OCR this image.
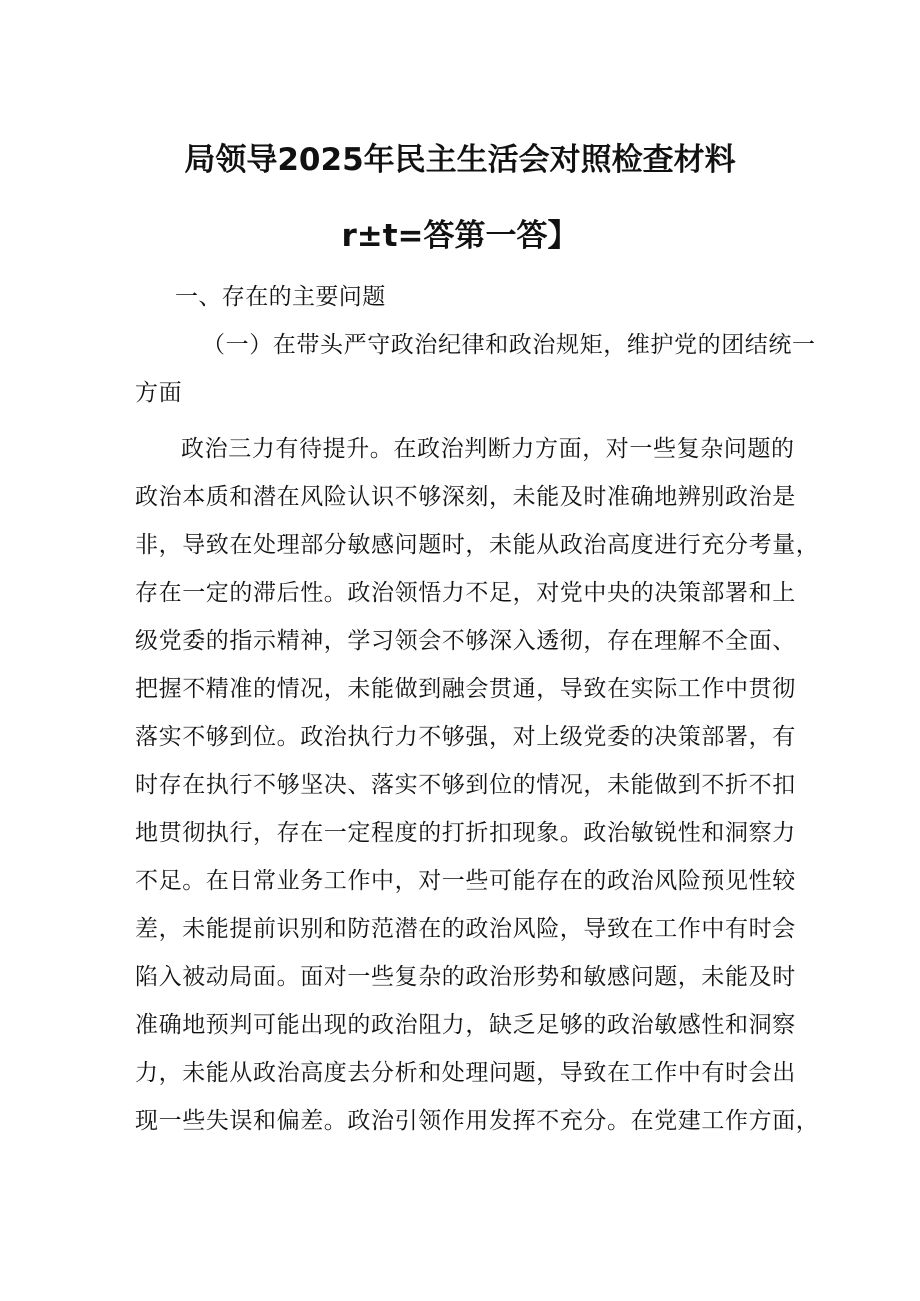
局领导2025年民主生活会对照检查材料
r±t=答第一答】
一、存在的主要问题
（一）在带头严守政治纪律和政治规矩，维护党的团结统一
方面
政治三力有待提升。在政治判断力方面，对一些复杂问题的
政治本质和潜在风险认识不够深刻，未能及时准确地辨别政治是
非，导致在处理部分敏感问题时，未能从政治高度进行充分考量，
存在一定的滞后性。政治领悟力不足，对党中央的决策部署和上
级党委的指示精神，学习领会不够深入透彻，存在理解不全面、
把握不精准的情况，未能做到融会贯通，导致在实际工作中贯彻
落实不够到位。政治执行力不够强，对上级党委的决策部署，有
时存在执行不够坚决、落实不够到位的情况，未能做到不折不扣
地贯彻执行，存在一定程度的打折扣现象。政治敏锐性和洞察力
不足。在日常业务工作中，对一些可能存在的政治风险预见性较
差，未能提前识别和防范潜在的政治风险，导致在工作中有时会
陷入被动局面。面对一些复杂的政治形势和敏感问题，未能及时
准确地预判可能出现的政治阻力，缺乏足够的政治敏感性和洞察
力，未能从政治高度去分析和处理问题，导致在工作中有时会出
现一些失误和偏差。政治引领作用发挥不充分。在党建工作方面，
